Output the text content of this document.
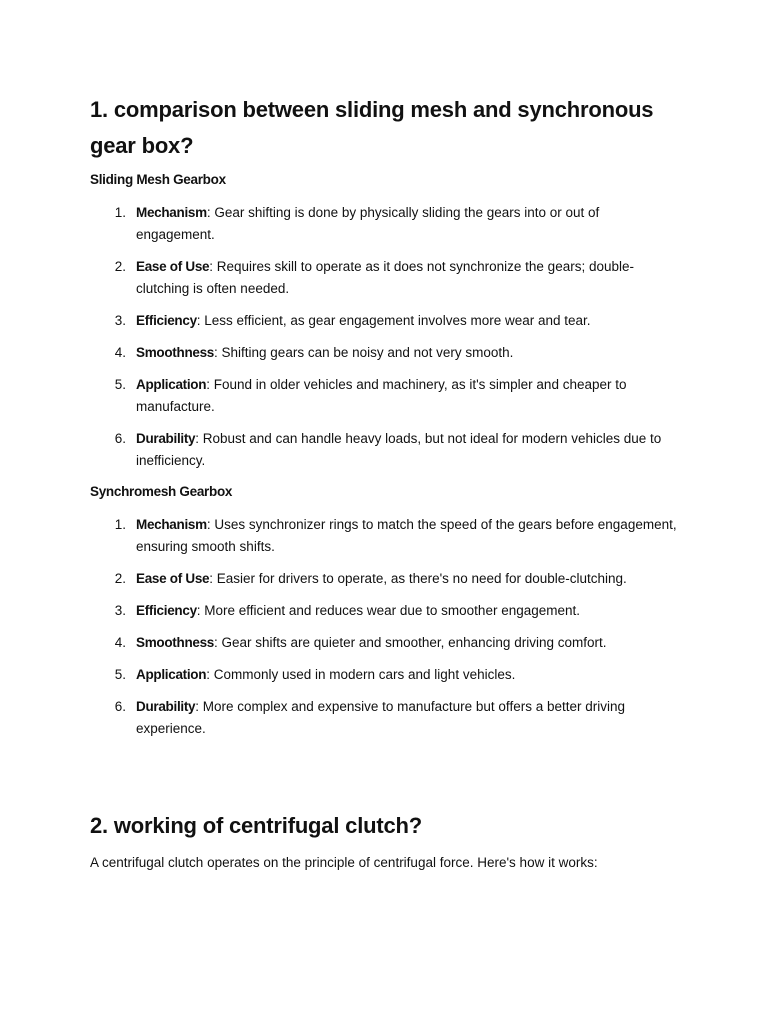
1. comparison between sliding mesh and synchronous gear box?
Sliding Mesh Gearbox
1. Mechanism: Gear shifting is done by physically sliding the gears into or out of engagement.
2. Ease of Use: Requires skill to operate as it does not synchronize the gears; double-clutching is often needed.
3. Efficiency: Less efficient, as gear engagement involves more wear and tear.
4. Smoothness: Shifting gears can be noisy and not very smooth.
5. Application: Found in older vehicles and machinery, as it's simpler and cheaper to manufacture.
6. Durability: Robust and can handle heavy loads, but not ideal for modern vehicles due to inefficiency.
Synchromesh Gearbox
1. Mechanism: Uses synchronizer rings to match the speed of the gears before engagement, ensuring smooth shifts.
2. Ease of Use: Easier for drivers to operate, as there's no need for double-clutching.
3. Efficiency: More efficient and reduces wear due to smoother engagement.
4. Smoothness: Gear shifts are quieter and smoother, enhancing driving comfort.
5. Application: Commonly used in modern cars and light vehicles.
6. Durability: More complex and expensive to manufacture but offers a better driving experience.
2. working of centrifugal clutch?

A centrifugal clutch operates on the principle of centrifugal force. Here's how it works:
